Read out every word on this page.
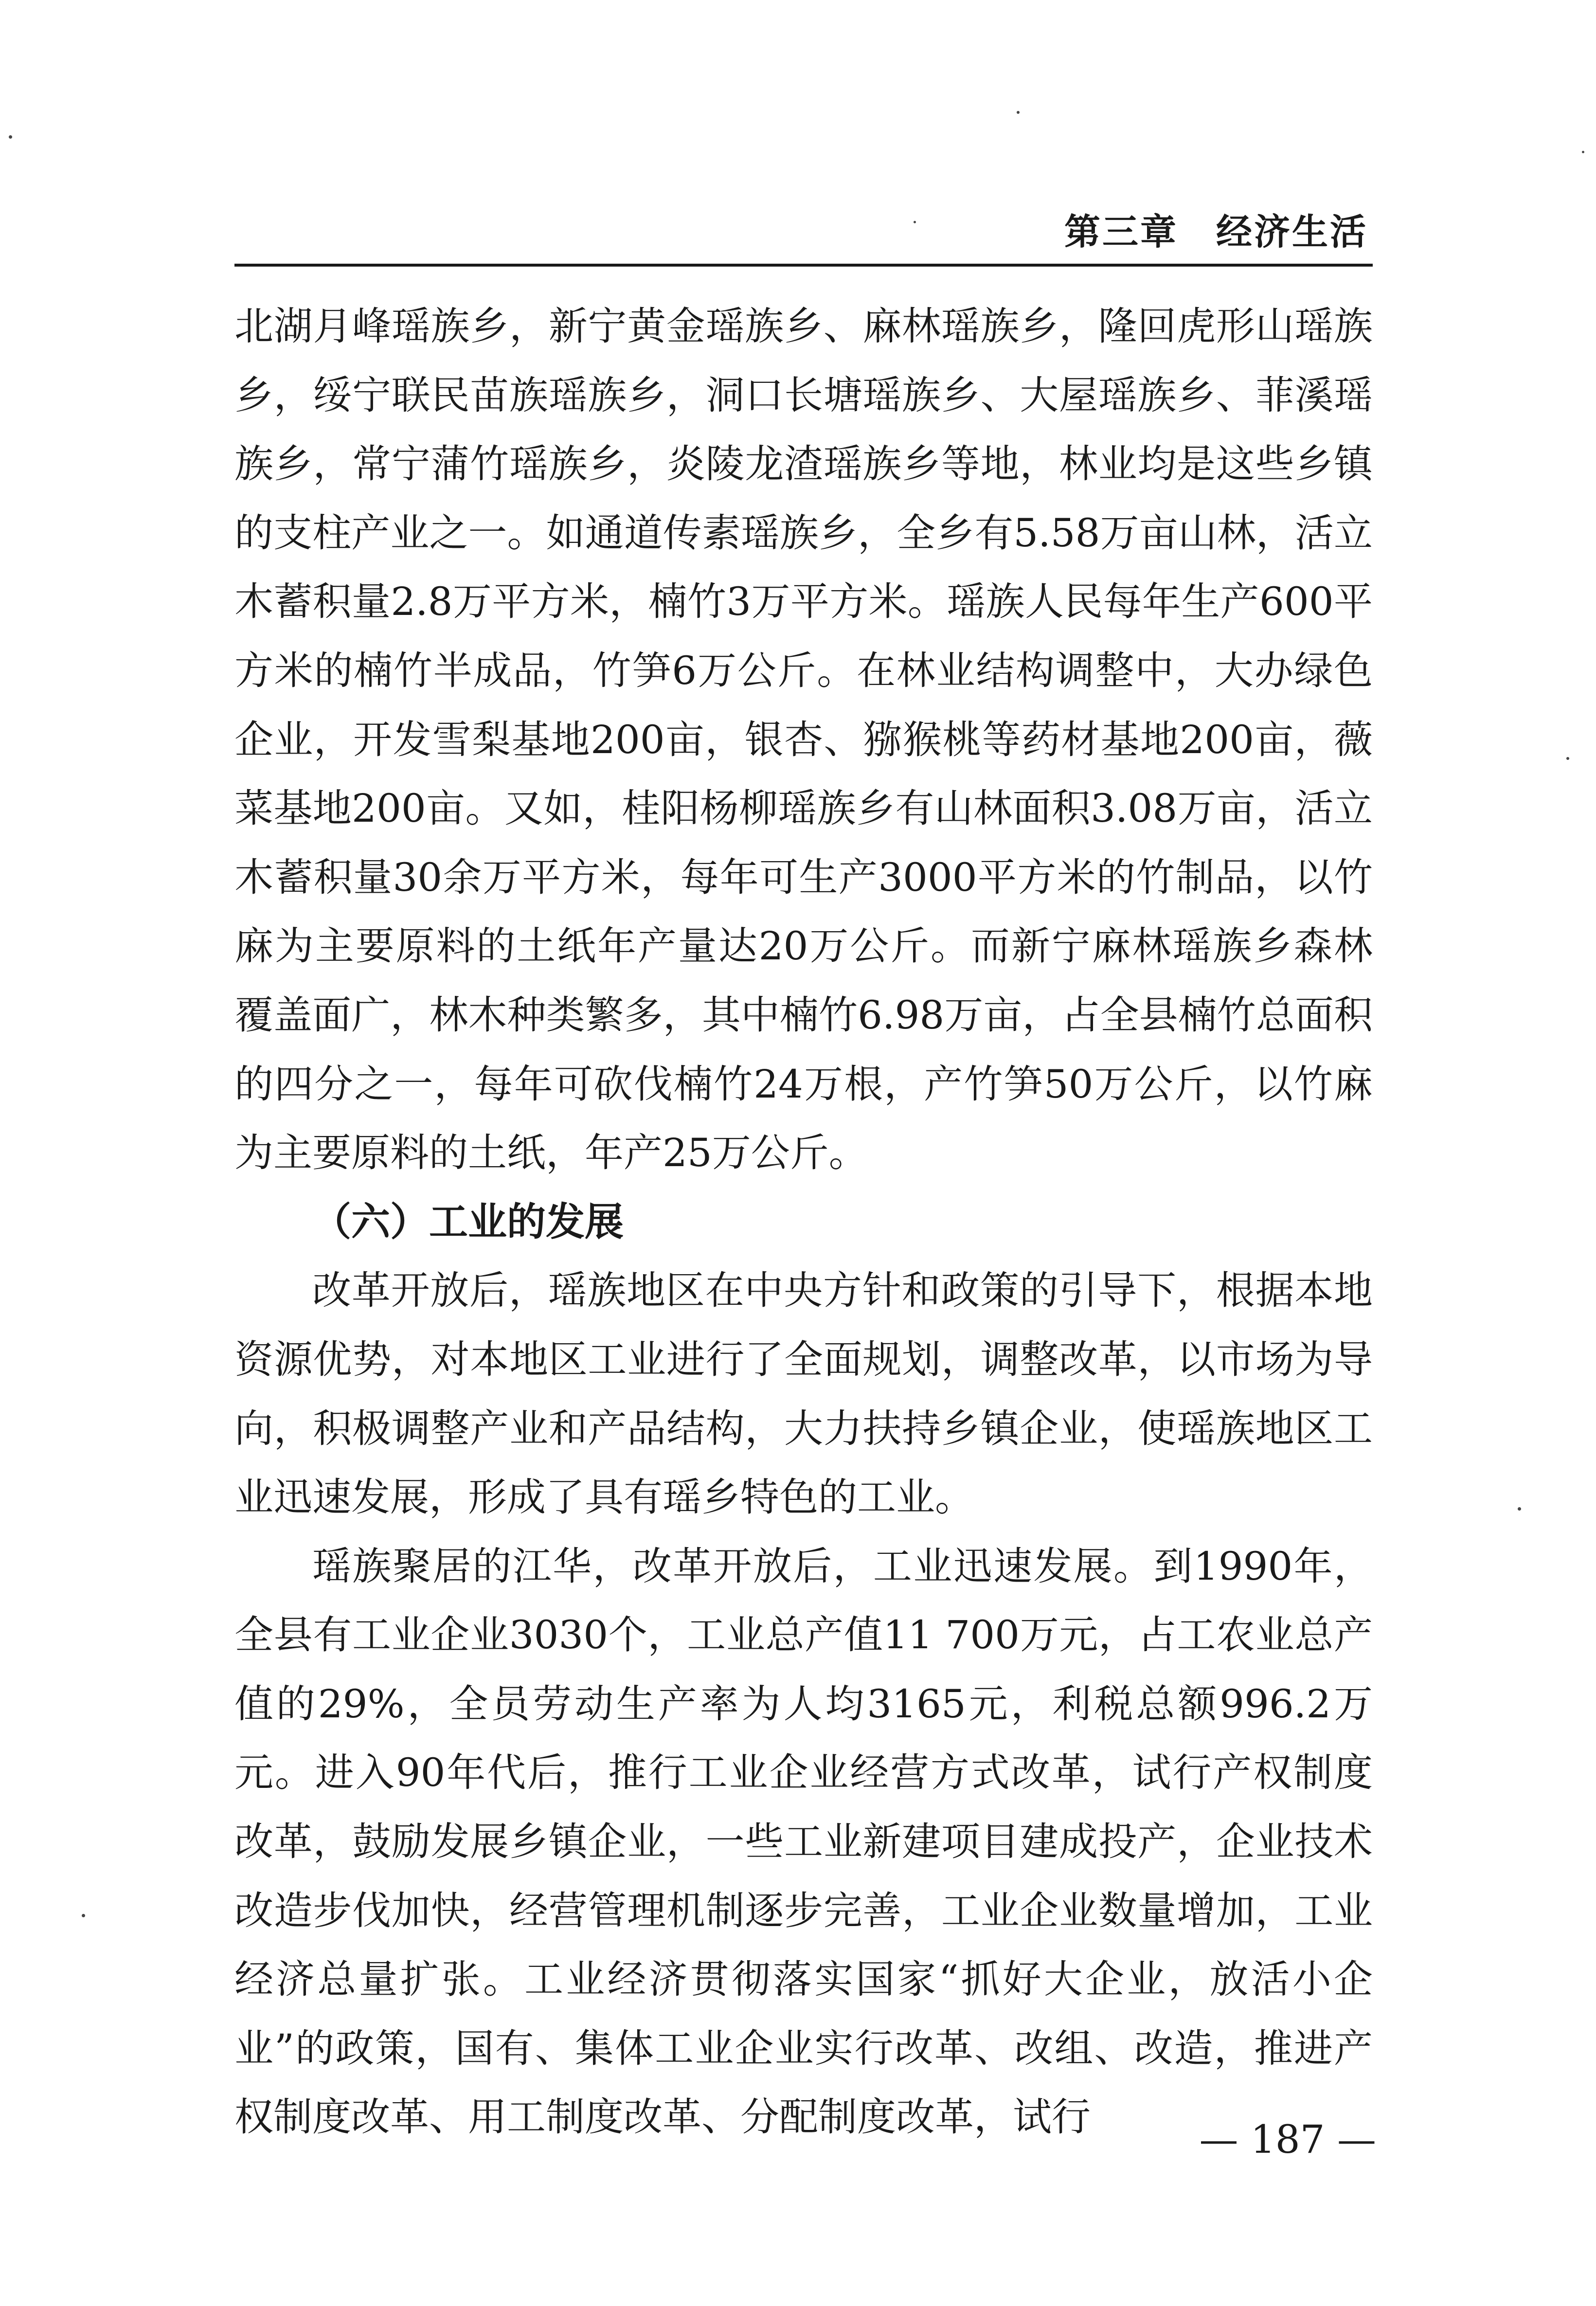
第三章　经济生活

北湖月峰瑶族乡，新宁黄金瑶族乡、麻林瑶族乡，隆回虎形山瑶族乡，绥宁联民苗族瑶族乡，洞口长塘瑶族乡、大屋瑶族乡、菲溪瑶族乡，常宁蒲竹瑶族乡，炎陵龙渣瑶族乡等地，林业均是这些乡镇的支柱产业之一。如通道传素瑶族乡，全乡有5.58万亩山林，活立木蓄积量2.8万平方米，楠竹3万平方米。瑶族人民每年生产600平方米的楠竹半成品，竹笋6万公斤。在林业结构调整中，大办绿色企业，开发雪梨基地200亩，银杏、猕猴桃等药材基地200亩，薇菜基地200亩。又如，桂阳杨柳瑶族乡有山林面积3.08万亩，活立木蓄积量30余万平方米，每年可生产3000平方米的竹制品，以竹麻为主要原料的土纸年产量达20万公斤。而新宁麻林瑶族乡森林覆盖面广，林木种类繁多，其中楠竹6.98万亩，占全县楠竹总面积的四分之一，每年可砍伐楠竹24万根，产竹笋50万公斤，以竹麻为主要原料的土纸，年产25万公斤。

（六）工业的发展

改革开放后，瑶族地区在中央方针和政策的引导下，根据本地资源优势，对本地区工业进行了全面规划，调整改革，以市场为导向，积极调整产业和产品结构，大力扶持乡镇企业，使瑶族地区工业迅速发展，形成了具有瑶乡特色的工业。

瑶族聚居的江华，改革开放后，工业迅速发展。到1990年，全县有工业企业3030个，工业总产值11 700万元，占工农业总产值的29%，全员劳动生产率为人均3165元，利税总额996.2万元。进入90年代后，推行工业企业经营方式改革，试行产权制度改革，鼓励发展乡镇企业，一些工业新建项目建成投产，企业技术改造步伐加快，经营管理机制逐步完善，工业企业数量增加，工业经济总量扩张。工业经济贯彻落实国家“抓好大企业，放活小企业”的政策，国有、集体工业企业实行改革、改组、改造，推进产权制度改革、用工制度改革、分配制度改革，试行	— 187 —
